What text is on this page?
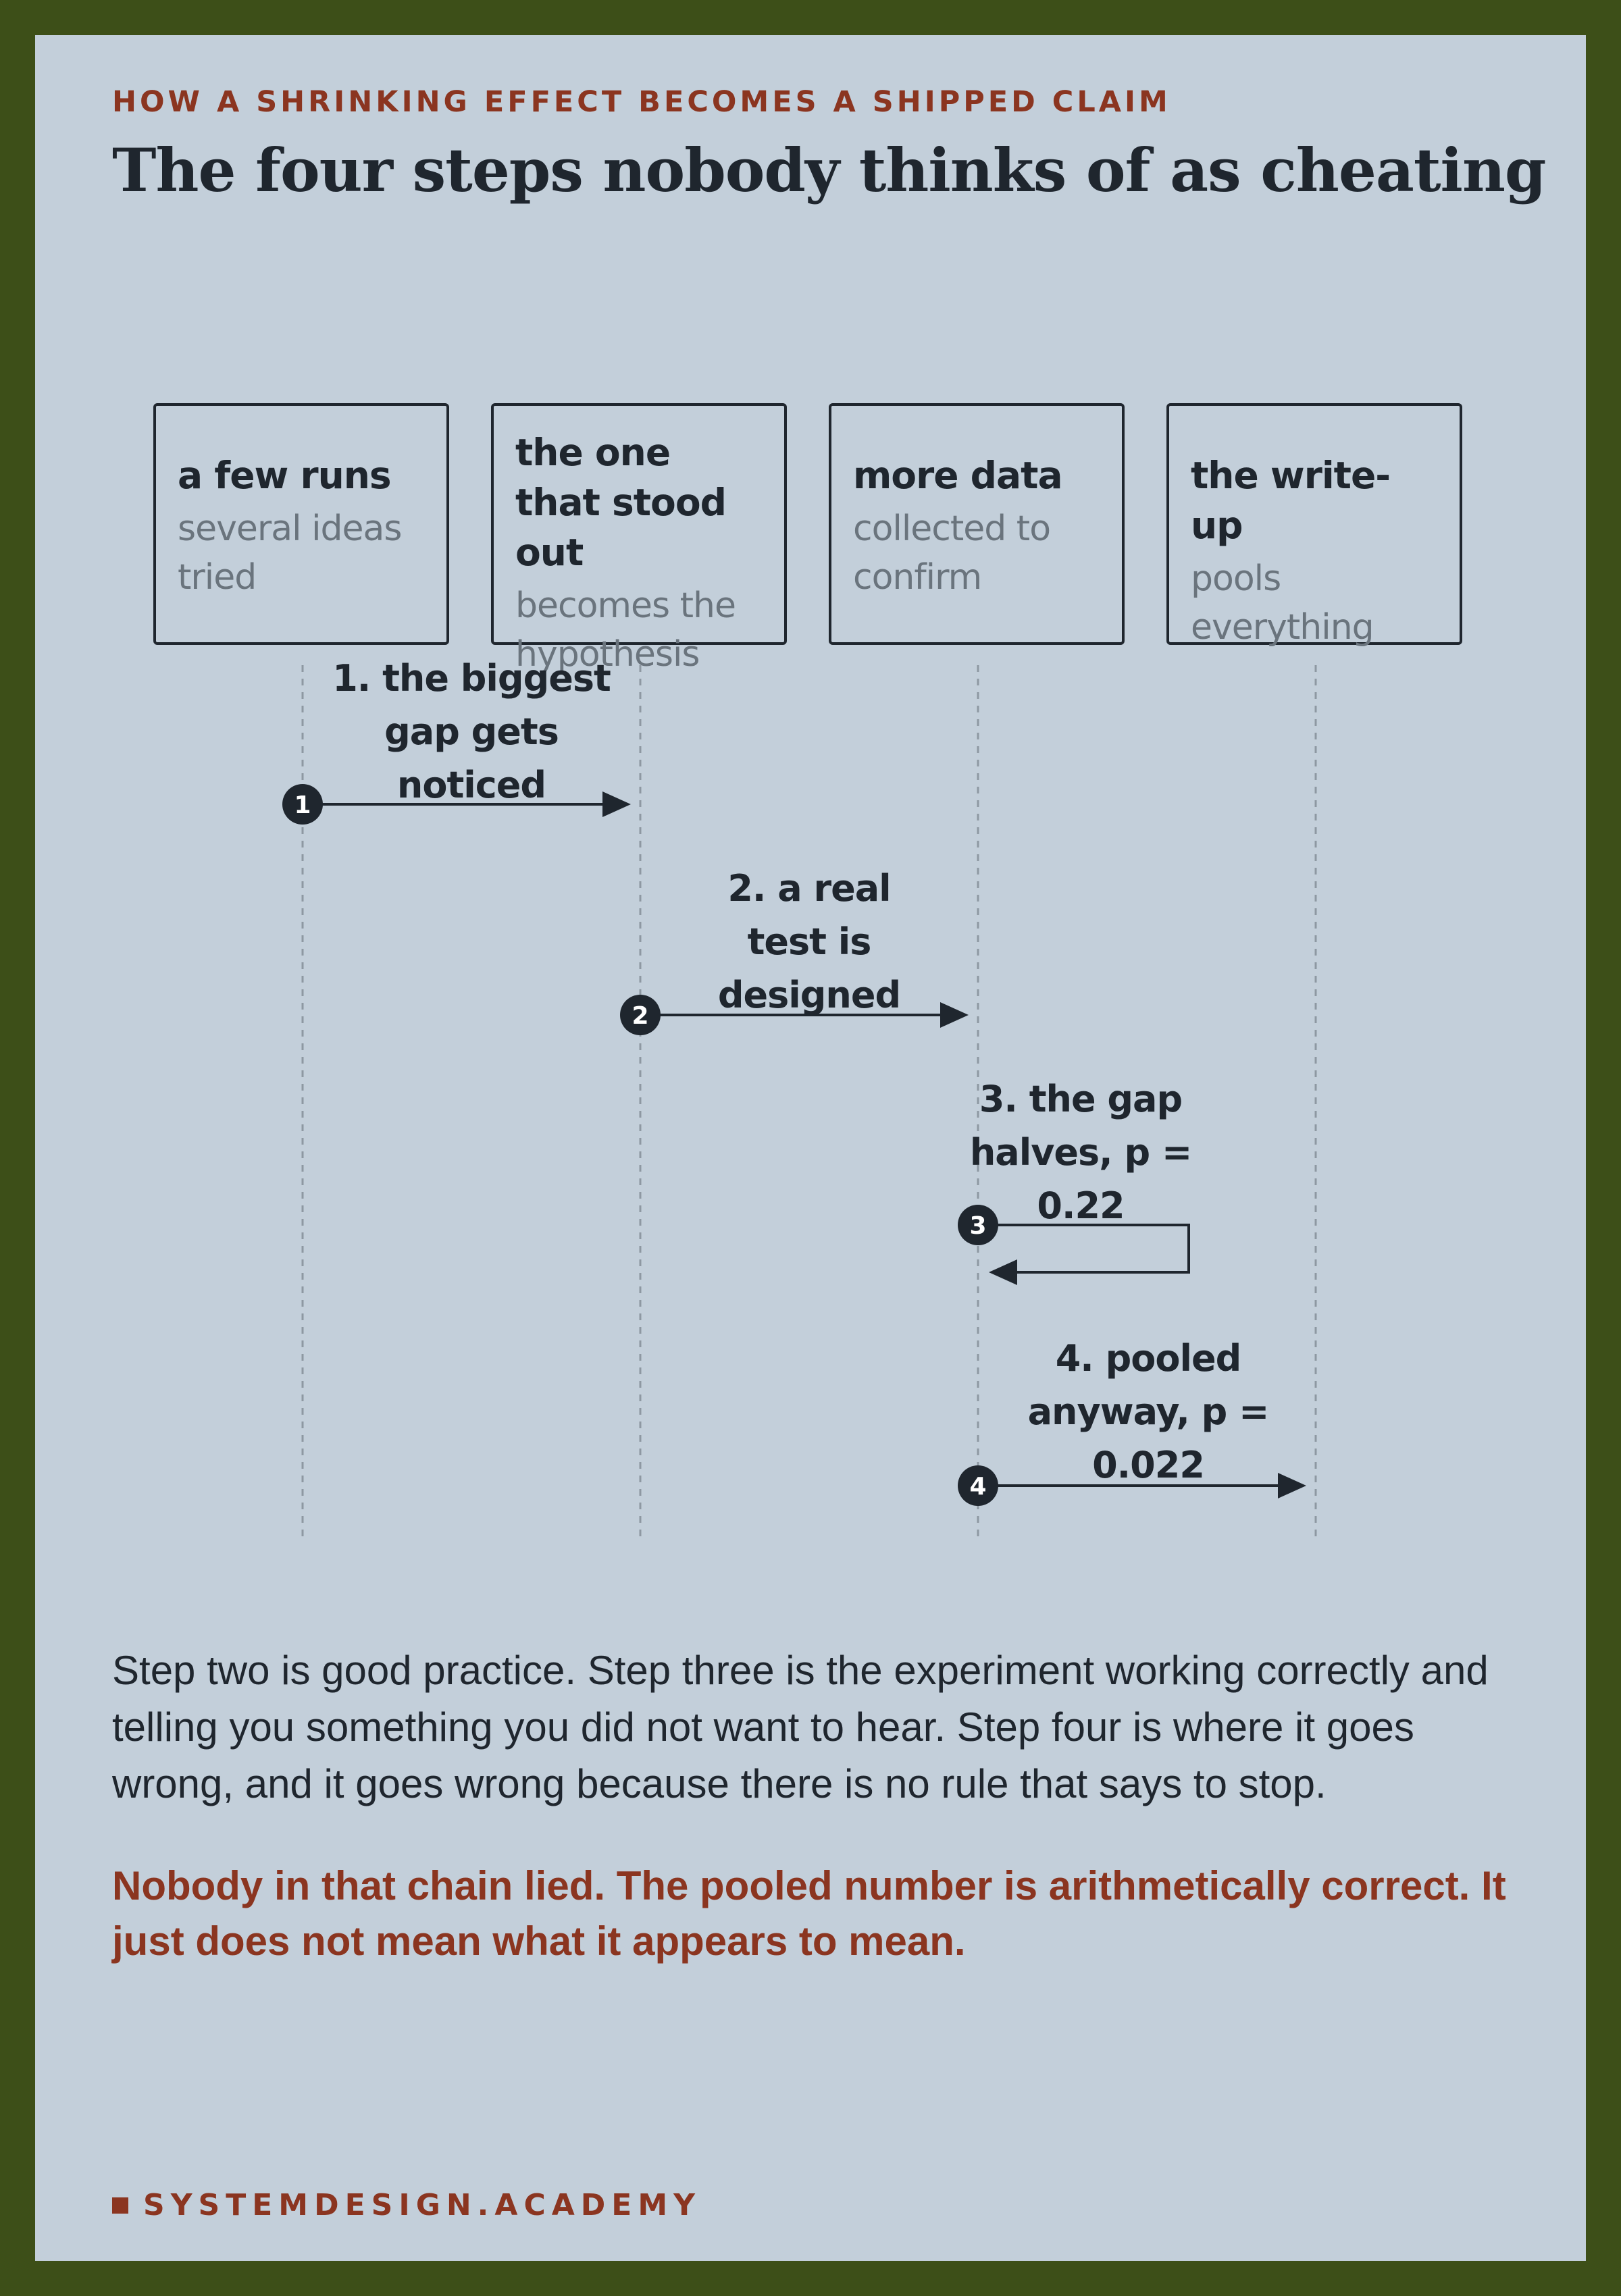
HOW A SHRINKING EFFECT BECOMES A SHIPPED CLAIM
The four steps nobody thinks of as cheating
a few runs
several ideas tried
the one that stood out
becomes the hypothesis
more data
collected to confirm
the write-up
pools everything
1
2
3
4
1. the biggest gap gets noticed
2. a real test is designed
3. the gap halves, p = 0.22
4. pooled anyway, p = 0.022
Step two is good practice. Step three is the experiment working correctly and telling you something you did not want to hear. Step four is where it goes wrong, and it goes wrong because there is no rule that says to stop.
Nobody in that chain lied. The pooled number is arithmetically correct. It just does not mean what it appears to mean.
SYSTEMDESIGN.ACADEMY
